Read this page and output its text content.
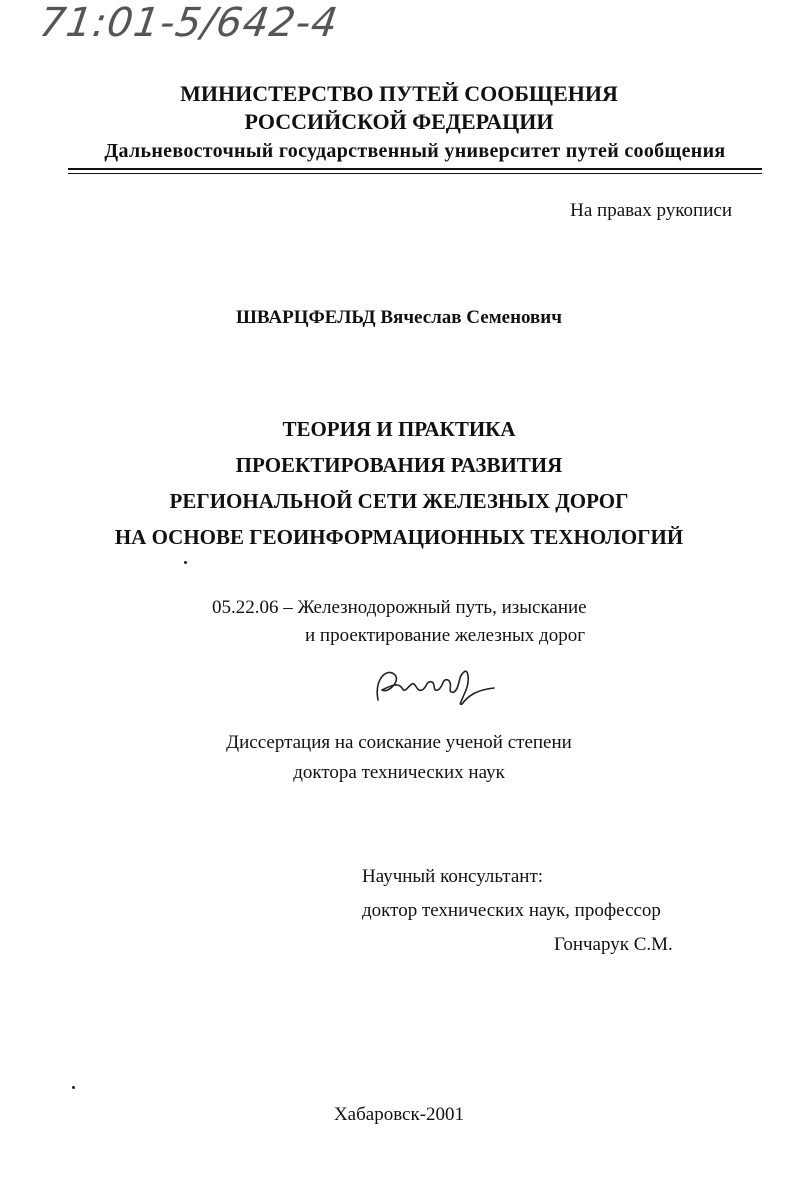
71:01-5/642-4
МИНИСТЕРСТВО ПУТЕЙ СООБЩЕНИЯ
РОССИЙСКОЙ ФЕДЕРАЦИИ
Дальневосточный государственный университет путей сообщения
На правах рукописи
ШВАРЦФЕЛЬД Вячеслав Семенович
ТЕОРИЯ И ПРАКТИКА
ПРОЕКТИРОВАНИЯ РАЗВИТИЯ
РЕГИОНАЛЬНОЙ СЕТИ ЖЕЛЕЗНЫХ ДОРОГ
НА ОСНОВЕ ГЕОИНФОРМАЦИОННЫХ ТЕХНОЛОГИЙ
05.22.06 – Железнодорожный путь, изыскание
и проектирование железных дорог
Диссертация на соискание ученой степени
доктора технических наук
Научный консультант:
доктор технических наук, профессор
Гончарук С.М.
Хабаровск-2001
